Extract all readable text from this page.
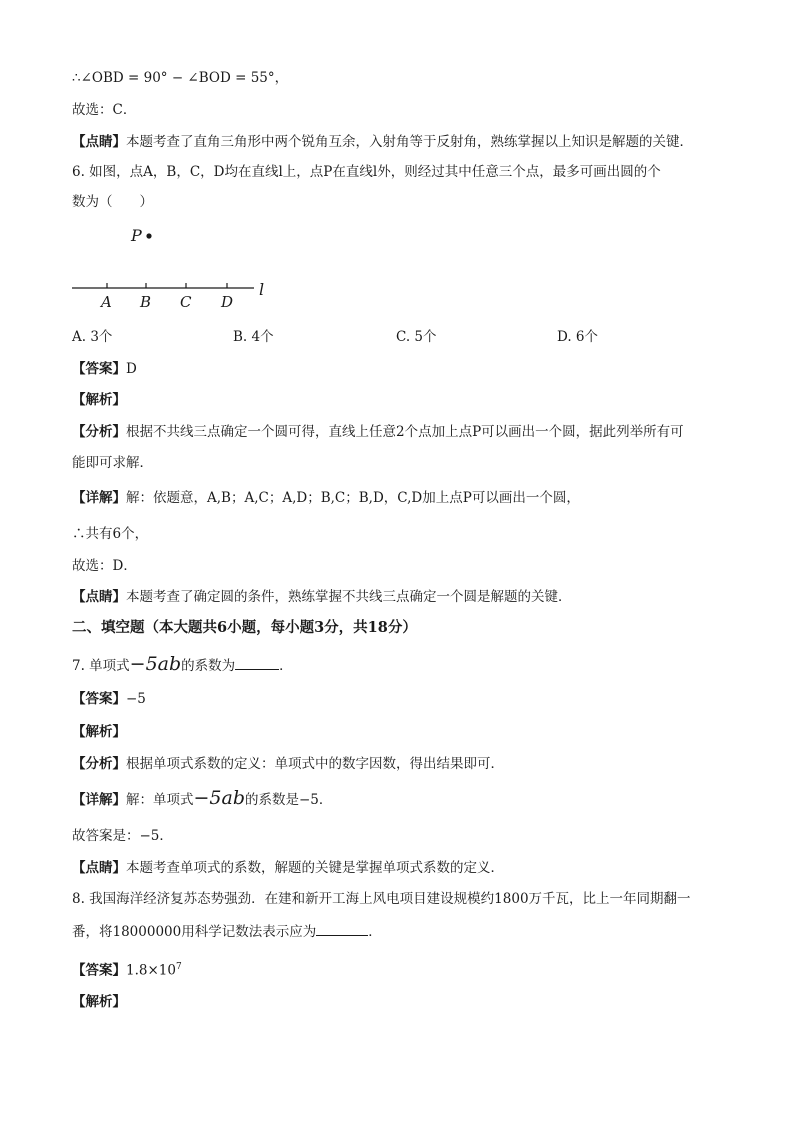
∴∠OBD = 90° − ∠BOD = 55°，
故选：C．
【点睛】本题考查了直角三角形中两个锐角互余，入射角等于反射角，熟练掌握以上知识是解题的关键．
6. 如图，点A，B，C，D均在直线l上，点P在直线l外，则经过其中任意三个点，最多可画出圆的个
数为（　　）
P
A B C D
l
A. 3个	B. 4个	C. 5个	D. 6个
【答案】D
【解析】
【分析】根据不共线三点确定一个圆可得，直线上任意2个点加上点P可以画出一个圆，据此列举所有可
能即可求解．
【详解】解：依题意，A,B；A,C；A,D；B,C；B,D，C,D加上点P可以画出一个圆，
∴共有6个，
故选：D．
【点睛】本题考查了确定圆的条件，熟练掌握不共线三点确定一个圆是解题的关键．
二、填空题（本大题共6小题，每小题3分，共18分）
7. 单项式−5ab的系数为	．
【答案】−5
【解析】
【分析】根据单项式系数的定义：单项式中的数字因数，得出结果即可．
【详解】解：单项式−5ab的系数是−5．
故答案是：−5．
【点睛】本题考查单项式的系数，解题的关键是掌握单项式系数的定义．
8. 我国海洋经济复苏态势强劲．在建和新开工海上风电项目建设规模约1800万千瓦，比上一年同期翻一
番，将18000000用科学记数法表示应为	．
【答案】$1.8\times 10^7$
【解析】
